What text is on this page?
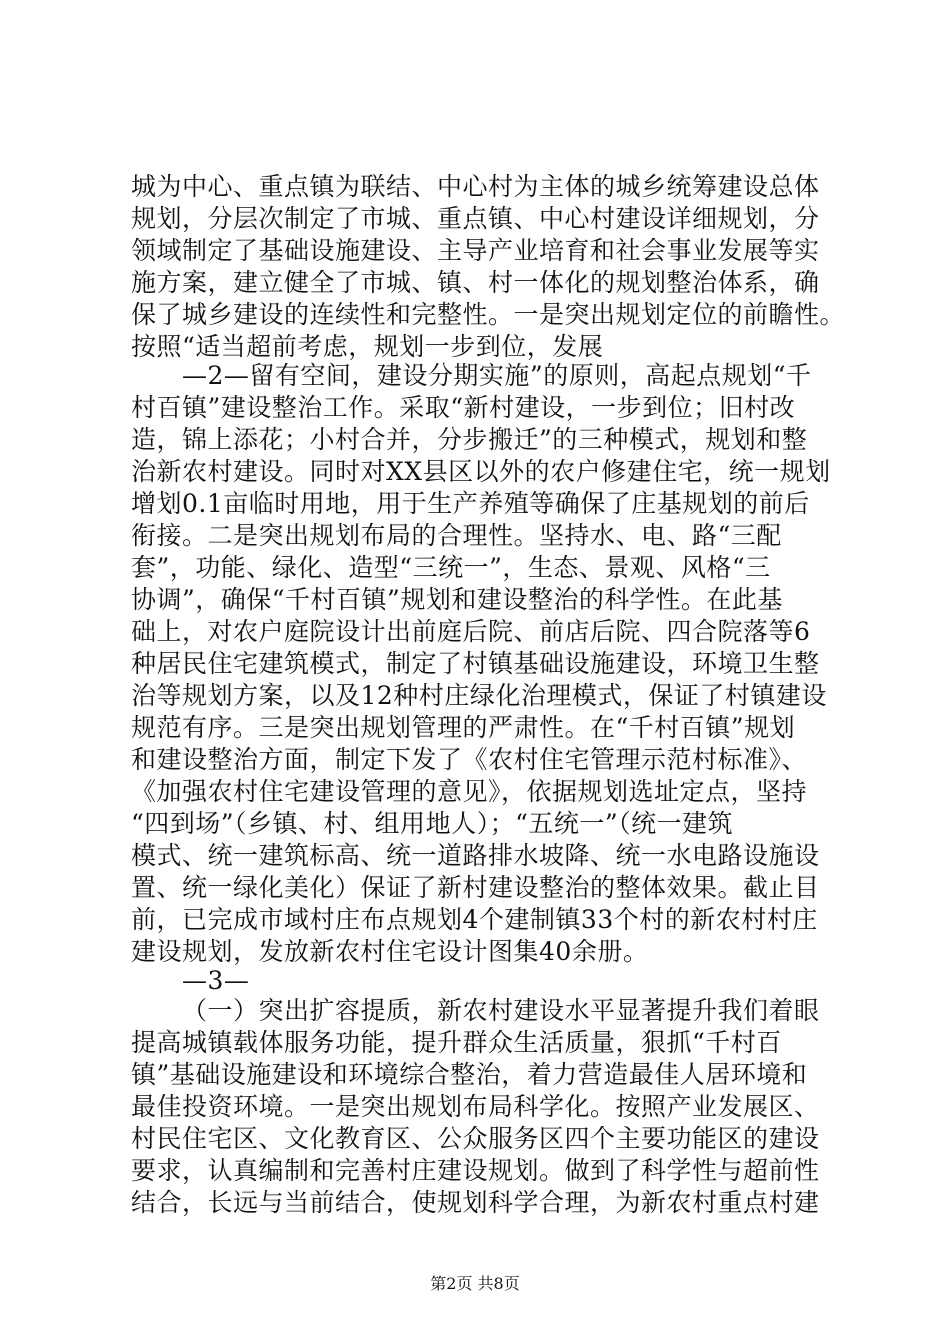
城为中心、重点镇为联结、中心村为主体的城乡统筹建设总体
规划，分层次制定了市城、重点镇、中心村建设详细规划，分
领域制定了基础设施建设、主导产业培育和社会事业发展等实
施方案，建立健全了市城、镇、村一体化的规划整治体系，确
保了城乡建设的连续性和完整性。一是突出规划定位的前瞻性。
按照“适当超前考虑，规划一步到位，发展
—2—留有空间，建设分期实施”的原则，高起点规划“千
村百镇”建设整治工作。采取“新村建设，一步到位；旧村改
造，锦上添花；小村合并，分步搬迁”的三种模式，规划和整
治新农村建设。同时对XX县区以外的农户修建住宅，统一规划
增划0.1亩临时用地，用于生产养殖等确保了庄基规划的前后
衔接。二是突出规划布局的合理性。坚持水、电、路“三配
套”，功能、绿化、造型“三统一”，生态、景观、风格“三
协调”，确保“千村百镇”规划和建设整治的科学性。在此基
础上，对农户庭院设计出前庭后院、前店后院、四合院落等6
种居民住宅建筑模式，制定了村镇基础设施建设，环境卫生整
治等规划方案，以及12种村庄绿化治理模式，保证了村镇建设
规范有序。三是突出规划管理的严肃性。在“千村百镇”规划
和建设整治方面，制定下发了《农村住宅管理示范村标准》、
《加强农村住宅建设管理的意见》，依据规划选址定点，坚持
“四到场”（乡镇、村、组用地人）；“五统一”（统一建筑
模式、统一建筑标高、统一道路排水坡降、统一水电路设施设
置、统一绿化美化）保证了新村建设整治的整体效果。截止目
前，已完成市域村庄布点规划4个建制镇33个村的新农村村庄
建设规划，发放新农村住宅设计图集40余册。
—3—
（一）突出扩容提质，新农村建设水平显著提升我们着眼
提高城镇载体服务功能，提升群众生活质量，狠抓“千村百
镇”基础设施建设和环境综合整治，着力营造最佳人居环境和
最佳投资环境。一是突出规划布局科学化。按照产业发展区、
村民住宅区、文化教育区、公众服务区四个主要功能区的建设
要求，认真编制和完善村庄建设规划。做到了科学性与超前性
结合，长远与当前结合，使规划科学合理，为新农村重点村建
第2页 共8页
